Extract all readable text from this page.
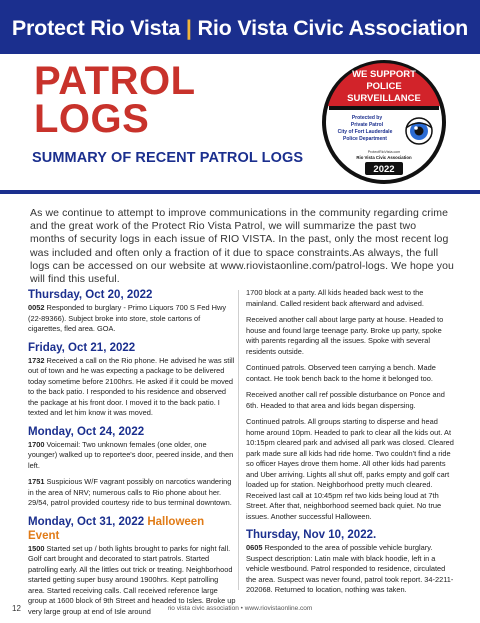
Protect Rio Vista | Rio Vista Civic Association
PATROL
LOGS
SUMMARY OF RECENT PATROL LOGS
WE SUPPORT
POLICE
SURVEILLANCE
Protected by
Private Patrol
City of Fort Lauderdale
Police Department
ProtectRioVista.com
Rio Vista Civic Association
2022
As we continue to attempt to improve communications in the community regarding crime and the great work of the Protect Rio Vista Patrol, we will summarize the past two months of security logs in each issue of RIO VISTA. In the past, only the most recent log was included and often only a fraction of it due to space constraints.As always, the full logs can be accessed on our website at www.riovistaonline.com/patrol-logs. We hope you will find this useful.
Thursday, Oct 20, 2022

0052 Responded to burglary - Primo Liquors 700 S Fed Hwy (22-89366). Subject broke into store, stole cartons of cigarettes, fled area. GOA.

Friday, Oct 21, 2022

1732 Received a call on the Rio phone. He advised he was still out of town and he was expecting a package to be delivered today sometime before 2100hrs. He asked if it could be moved to the back patio. I responded to his residence and observed the package at his front door. I moved it to the back patio. I texted and let him know it was moved.

Monday, Oct 24, 2022

1700 Voicemail: Two unknown females (one older, one younger) walked up to reportee's door, peered inside, and then left.

1751 Suspicious W/F vagrant possibly on narcotics wandering in the area of NRV; numerous calls to Rio phone about her. 29/54, patrol provided courtesy ride to bus terminal downtown.

Monday, Oct 31, 2022 Halloween Event

1500 Started set up / both lights brought to parks for night fall. Golf cart brought and decorated to start patrols. Started patrolling early. All the littles out trick or treating. Neighborhood started getting super busy around 1900hrs. Kept patrolling area. Started receiving calls. Call received reference large group at 1600 block of 9th Street and headed to Isles. Broke up very large group at end of Isle around

1700 block at a party. All kids headed back west to the mainland. Called resident back afterward and advised.

Received another call about large party at house. Headed to house and found large teenage party. Broke up party, spoke with parents regarding all the issues. Spoke with several residents outside.

Continued patrols. Observed teen carrying a bench. Made contact. He took bench back to the home it belonged too.

Received another call ref possible disturbance on Ponce and 6th. Headed to that area and kids began dispersing.

Continued patrols. All groups starting to disperse and head home around 10pm. Headed to park to clear all the kids out. At 10:15pm cleared park and advised all park was closed. Cleared park made sure all kids had ride home. Two couldn't find a ride so officer Hayes drove them home. All other kids had parents and Uber arriving. Lights all shut off, parks empty and golf cart loaded up for station. Neighborhood pretty much cleared. Received last call at 10:45pm ref two kids being loud at 7th Street. After that, neighborhood seemed back quiet. No true issues. Another successful Halloween.

Thursday, Nov 10, 2022.

0605 Responded to the area of possible vehicle burglary. Suspect description: Latin male with black hoodie, left in a vehicle westbound. Patrol responded to residence, circulated the area. Suspect was never found, patrol took report. 34-2211-202068. Returned to location, nothing was taken.

12	rio vista civic association • www.riovistaonline.com
